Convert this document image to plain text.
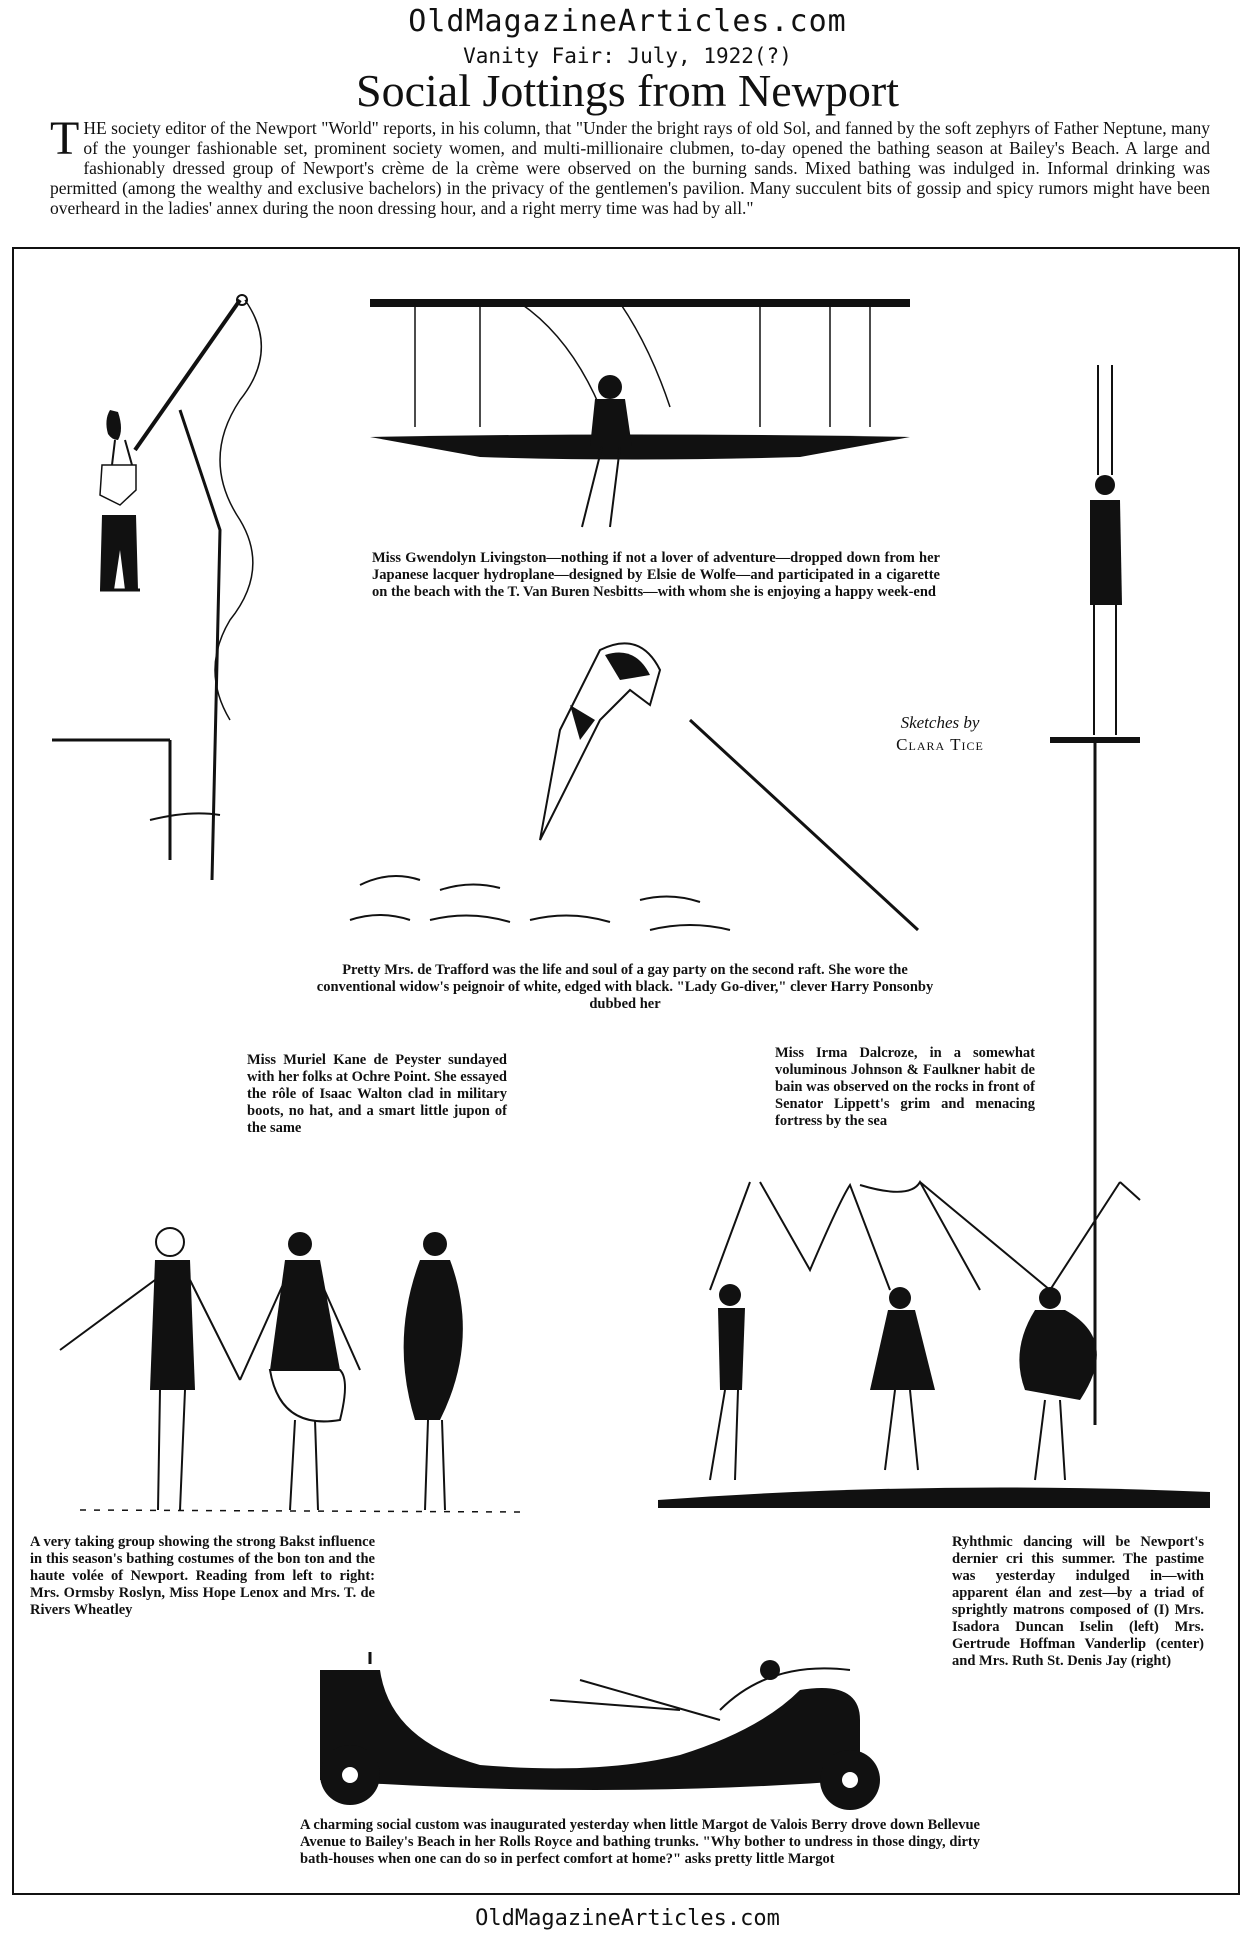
OldMagazineArticles.com
Vanity Fair: July, 1922(?)
Social Jottings from Newport
THE society editor of the Newport "World" reports, in his column, that "Under the bright rays of old Sol, and fanned by the soft zephyrs of Father Neptune, many of the younger fashionable set, prominent society women, and multi-millionaire clubmen, to-day opened the bathing season at Bailey's Beach. A large and fashionably dressed group of Newport's crème de la crème were observed on the burning sands. Mixed bathing was indulged in. Informal drinking was permitted (among the wealthy and exclusive bachelors) in the privacy of the gentlemen's pavilion. Many succulent bits of gossip and spicy rumors might have been overheard in the ladies' annex during the noon dressing hour, and a right merry time was had by all."
Miss Gwendolyn Livingston—nothing if not a lover of adventure—dropped down from her Japanese lacquer hydroplane—designed by Elsie de Wolfe—and participated in a cigarette on the beach with the T. Van Buren Nesbitts—with whom she is enjoying a happy week-end
Sketches by
Clara Tice
Pretty Mrs. de Trafford was the life and soul of a gay party on the second raft. She wore the conventional widow's peignoir of white, edged with black. "Lady Go-diver," clever Harry Ponsonby dubbed her
Miss Muriel Kane de Peyster sundayed with her folks at Ochre Point. She essayed the rôle of Isaac Walton clad in military boots, no hat, and a smart little jupon of the same
Miss Irma Dalcroze, in a somewhat voluminous Johnson & Faulkner habit de bain was observed on the rocks in front of Senator Lippett's grim and menacing fortress by the sea
A very taking group showing the strong Bakst influence in this season's bathing costumes of the bon ton and the haute volée of Newport. Reading from left to right: Mrs. Ormsby Roslyn, Miss Hope Lenox and Mrs. T. de Rivers Wheatley
Ryhthmic dancing will be Newport's dernier cri this summer. The pastime was yesterday indulged in—with apparent élan and zest—by a triad of sprightly matrons composed of (I) Mrs. Isadora Duncan Iselin (left) Mrs. Gertrude Hoffman Vanderlip (center) and Mrs. Ruth St. Denis Jay (right)
A charming social custom was inaugurated yesterday when little Margot de Valois Berry drove down Bellevue Avenue to Bailey's Beach in her Rolls Royce and bathing trunks. "Why bother to undress in those dingy, dirty bath-houses when one can do so in perfect comfort at home?" asks pretty little Margot
OldMagazineArticles.com
